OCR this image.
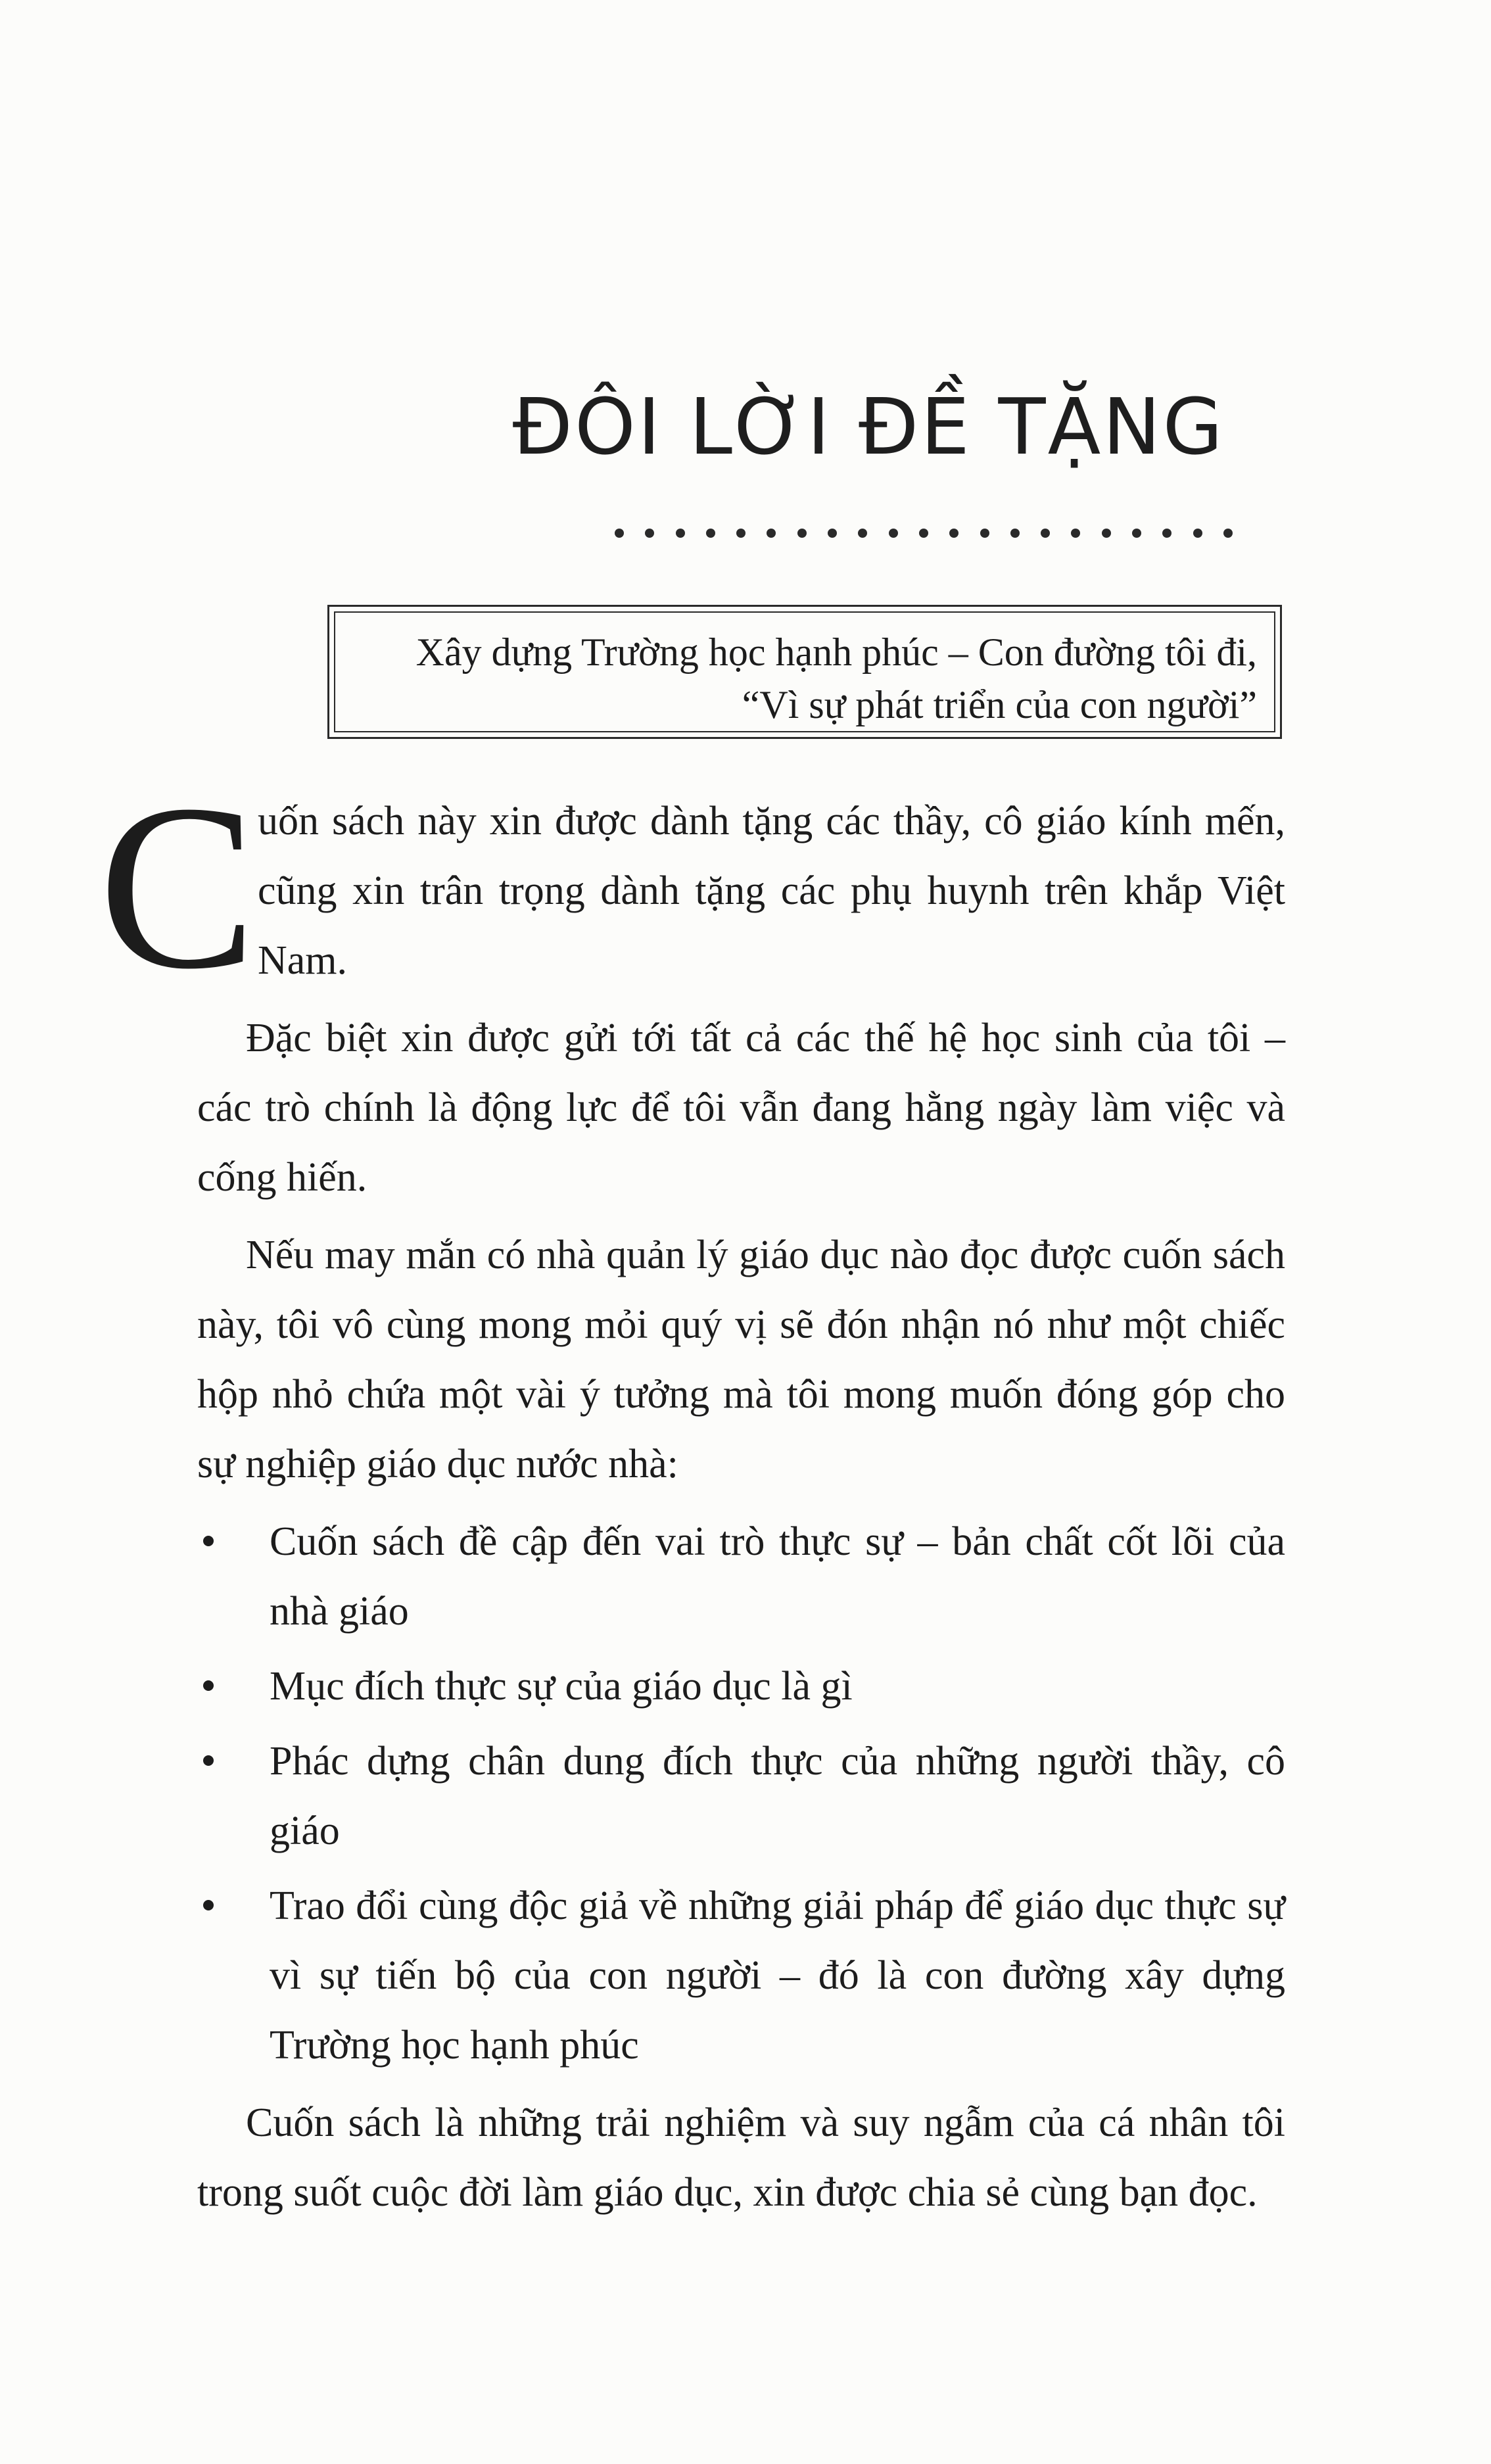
ĐÔI LỜI ĐỀ TẶNG
Xây dựng Trường học hạnh phúc – Con đường tôi đi,
“Vì sự phát triển của con người”

C uốn sách này xin được dành tặng các thầy, cô giáo kính mến, cũng xin trân trọng dành tặng các phụ huynh trên khắp Việt Nam.

Đặc biệt xin được gửi tới tất cả các thế hệ học sinh của tôi – các trò chính là động lực để tôi vẫn đang hằng ngày làm việc và cống hiến.

Nếu may mắn có nhà quản lý giáo dục nào đọc được cuốn sách này, tôi vô cùng mong mỏi quý vị sẽ đón nhận nó như một chiếc hộp nhỏ chứa một vài ý tưởng mà tôi mong muốn đóng góp cho sự nghiệp giáo dục nước nhà:

Cuốn sách đề cập đến vai trò thực sự – bản chất cốt lõi của nhà giáo
Mục đích thực sự của giáo dục là gì
Phác dựng chân dung đích thực của những người thầy, cô giáo
Trao đổi cùng độc giả về những giải pháp để giáo dục thực sự vì sự tiến bộ của con người – đó là con đường xây dựng Trường học hạnh phúc

Cuốn sách là những trải nghiệm và suy ngẫm của cá nhân tôi trong suốt cuộc đời làm giáo dục, xin được chia sẻ cùng bạn đọc.
